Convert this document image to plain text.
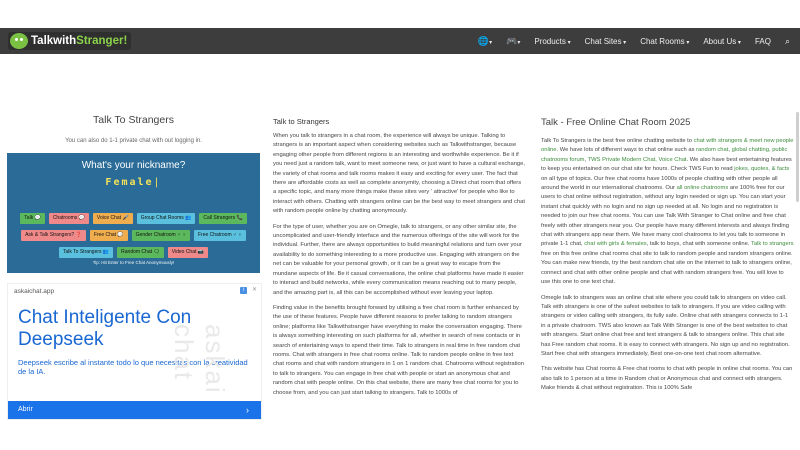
TalkwithStranger!	🌐▾ 🎮▾ Products ▾	Chat Sites ▾	Chat Rooms ▾	About Us ▾	FAQ ⌕
Talk To Strangers
You can also do 1-1 private chat with out logging in.
What's your nickname?
Female |
Talk 💬	Chatrooms 💬	Voice Chat 🎤	Group Chat Rooms 👥	Call Strangers 📞
Ask & Talk Strangers? ❓	Free Chat 💬	Gender Chatroom ♂ ♀	Free Chatroom ♂ ♀
Talk To Strangers 👥	Random Chat 🗨	Video Chat 📷
Tip: Hit Enter to Free Chat Anonymously!
askaichat.app	i	✕
askai chat
Chat Inteligente Con Deepseek
Deepseek escribe al instante todo lo que necesitas con la creatividad de la IA.
Abrir	›
Talk to Strangers

When you talk to strangers in a chat room, the experience will always be unique. Talking to strangers is an important aspect when considering websites such as Talkwithstranger, because engaging other people from different regions is an interesting and worthwhile experience. Be it if you need just a random talk, want to meet someone new, or just want to have a cultural exchange, the variety of chat rooms and talk rooms makes it easy and exciting for every user. The fact that there are affordable costs as well as complete anonymity, choosing a Direct chat room that offers a specific topic, and many more things make these sites very ' attractive' for people who like to interact with others. Chatting with strangers online can be the best way to meet strangers and chat with random people online by chatting anonymously.

For the type of user, whether you are on Omegle, talk to strangers, or any other similar site, the uncomplicated and user-friendly interface and the numerous offerings of the site will work for the individual. Further, there are always opportunities to build meaningful relations and turn over your availability to do something interesting to a more productive use. Engaging with strangers on the net can be valuable for your personal growth, or it can be a great way to escape from the mundane aspects of life. Be it casual conversations, the online chat platforms have made it easier to interact and build networks, while every communication means reaching out to many people, and the amazing part is, all this can be accomplished without ever leaving your laptop.

Finding value in the benefits brought forward by utilising a free chat room is further enhanced by the use of these features. People have different reasons to prefer talking to random strangers online; platforms like Talkwithstranger have everything to make the conversation engaging. There is always something interesting on such platforms for all, whether in search of new contacts or in search of entertaining ways to spend their time. Talk to strangers in real time in free random chat rooms. Chat with strangers in free chat rooms online. Talk to random people online in free text chat rooms and chat with random strangers in 1 on 1 random chat. Chatrooms without registration to talk to strangers. You can engage in free chat with people or start an anonymous chat and random chat with people online. On this chat website, there are many free chat rooms for you to choose from, and you can just start talking to strangers. Talk to 1000s of

Talk - Free Online Chat Room 2025

Talk To Strangers is the best free online chatting website to chat with strangers & meet new people online. We have lots of different ways to chat online such as random chat, global chatting, public chatrooms forum, TWS Private Modern Chat, Voice Chat. We also have best entertaining features to keep you entertained on our chat site for hours. Check TWS Fun to read jokes, quotes, & facts on all type of topics. Our free chat rooms have 1000s of people chatting with other people all around the world in our international chatrooms. Our all online chatrooms are 100% free for our users to chat online without registration, without any login needed or sign up. You can start your instant chat quickly with no login and no sign up needed at all. No login and no registration is needed to join our free chat rooms. You can use Talk With Stranger to Chat online and free chat freely with other strangers near you. Our people have many different interests and always finding chat with strangers app near them. We have many cool chatrooms to let you talk to someone in private 1-1 chat, chat with girls & females, talk to boys, chat with someone online. Talk to strangers free on this free online chat rooms chat site to talk to random people and random strangers online. You can make new friends, try the best random chat site on the internet to talk to strangers online, connect and chat with other online people and chat with random strangers free. You will love to use this one to one text chat.

Omegle talk to strangers was an online chat site where you could talk to strangers on video call. Talk with strangers is one of the safest websites to talk to strangers. If you are video calling with strangers or video calling with strangers, its fully safe. Online chat with strangers connects to 1-1 in a private chatroom. TWS also known as Talk With Stranger is one of the best websites to chat with strangers. Start online chat free and text strangers & talk to strangers online. This chat site has Free random chat rooms. It is easy to connect with strangers. No sign up and no registration. Start free chat with strangers immediately, Best one-on-one text chat room alternative.

This website has Chat rooms & Free chat rooms to chat with people in online chat rooms. You can also talk to 1 person at a time in Random chat or Anonymous chat and connect with strangers. Make friends & chat without registration. This is 100% Safe
